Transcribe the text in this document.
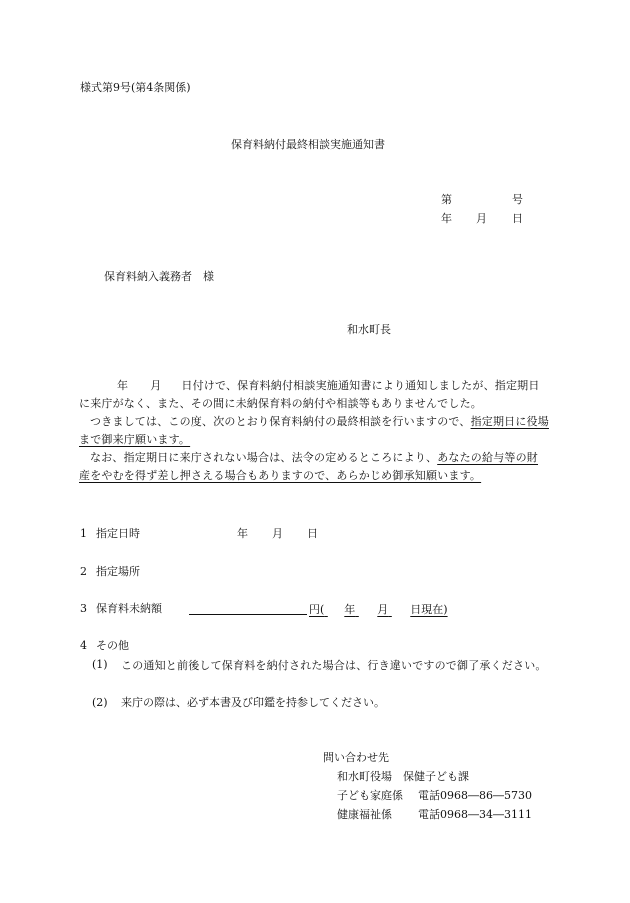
様式第9号(第4条関係)
保育料納付最終相談実施通知書
第	号
年 月 日
保育料納入義務者　様
和水町長
年 月 日付けで、保育料納付相談実施通知書により通知しましたが、指定期日に来庁がなく、また、その間に未納保育料の納付や相談等もありませんでした。
つきましては、この度、次のとおり保育料納付の最終相談を行いますので、指定期日に役場まで御来庁願います。
なお、指定期日に来庁されない場合は、法令の定めるところにより、あなたの給与等の財産をやむを得ず差し押さえる場合もありますので、あらかじめ御承知願います。
1 指定日時	年 月 日
2 指定場所
3 保育料未納額	円( 年 月 日現在)
4 その他
(1) この通知と前後して保育料を納付された場合は、行き違いですので御了承ください。
(2) 来庁の際は、必ず本書及び印鑑を持参してください。
問い合わせ先
和水町役場　保健子ども課
子ども家庭係 電話0968―86―5730
健康福祉係 電話0968―34―3111
